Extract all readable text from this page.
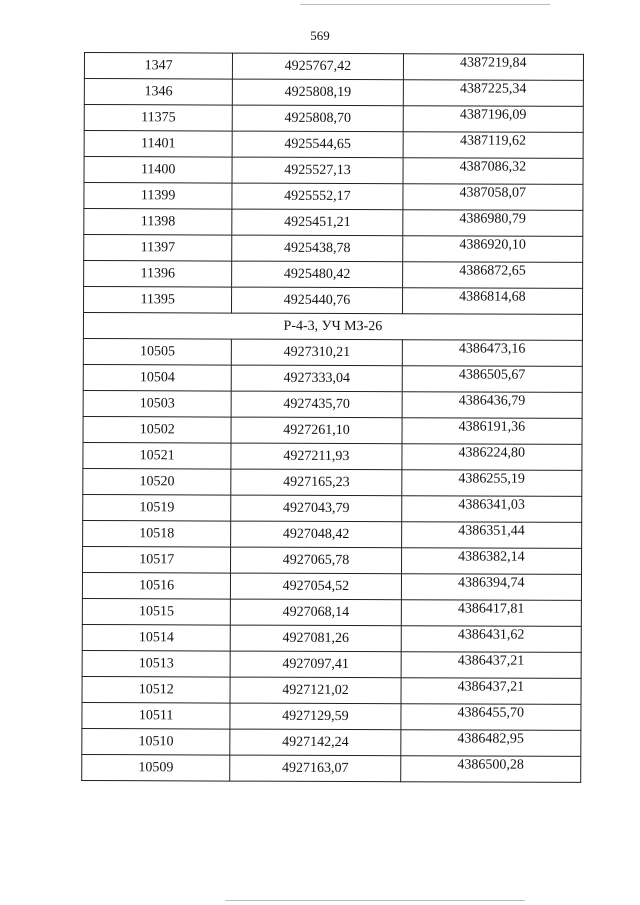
569
1347	4925767,42	4387219,84
1346	4925808,19	4387225,34
11375	4925808,70	4387196,09
11401	4925544,65	4387119,62
11400	4925527,13	4387086,32
11399	4925552,17	4387058,07
11398	4925451,21	4386980,79
11397	4925438,78	4386920,10
11396	4925480,42	4386872,65
11395	4925440,76	4386814,68
Р-4-3, УЧ МЗ-26		
10505	4927310,21	4386473,16
10504	4927333,04	4386505,67
10503	4927435,70	4386436,79
10502	4927261,10	4386191,36
10521	4927211,93	4386224,80
10520	4927165,23	4386255,19
10519	4927043,79	4386341,03
10518	4927048,42	4386351,44
10517	4927065,78	4386382,14
10516	4927054,52	4386394,74
10515	4927068,14	4386417,81
10514	4927081,26	4386431,62
10513	4927097,41	4386437,21
10512	4927121,02	4386437,21
10511	4927129,59	4386455,70
10510	4927142,24	4386482,95
10509	4927163,07	4386500,28
